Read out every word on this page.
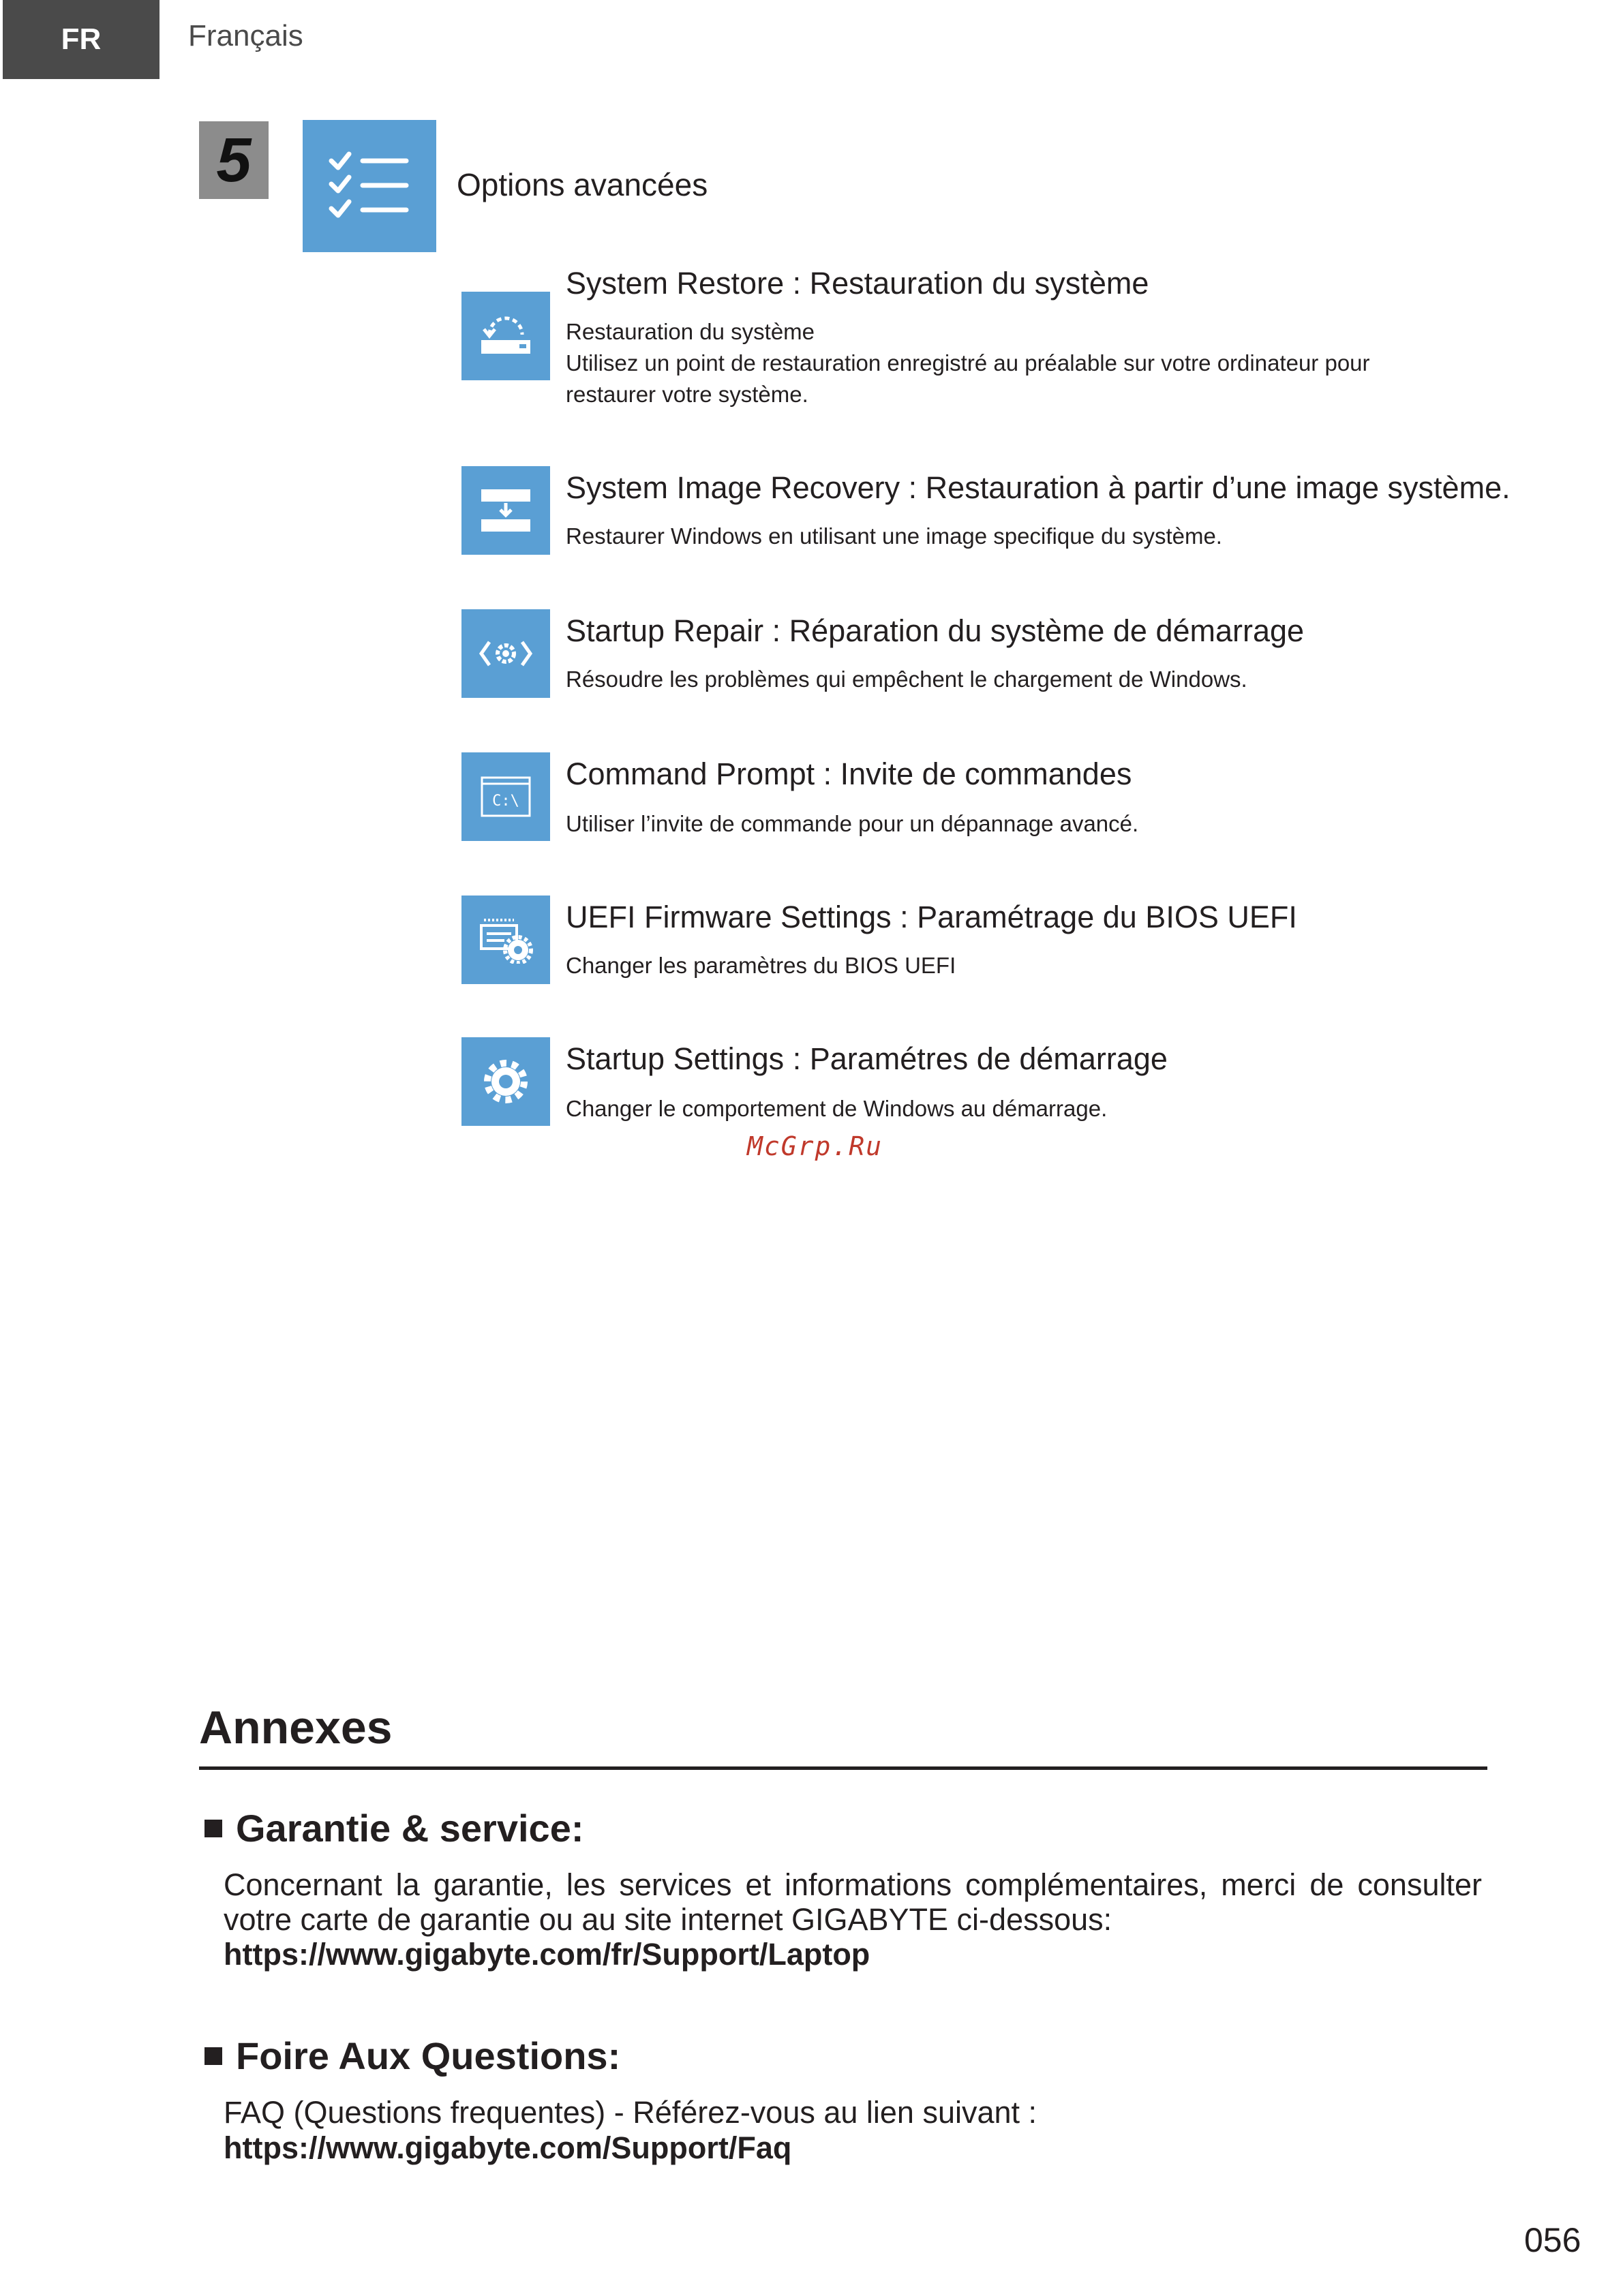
FR	Français
5	Options avancées
System Restore : Restauration du système
Restauration du système
Utilisez un point de restauration enregistré au préalable sur votre ordinateur pour
restaurer votre système.
System Image Recovery : Restauration à partir d’une image système.
Restaurer Windows en utilisant une image specifique du système.
Startup Repair : Réparation du système de démarrage
Résoudre les problèmes qui empêchent le chargement de Windows.
C:\
Command Prompt : Invite de commandes
Utiliser l’invite de commande pour un dépannage avancé.
UEFI Firmware Settings : Paramétrage du BIOS UEFI
Changer les paramètres du BIOS UEFI
Startup Settings : Paramétres de démarrage
Changer le comportement de Windows au démarrage.
McGrp.Ru
Annexes
Garantie & service:
Concernant la garantie, les services et informations complémentaires, merci de consulter votre carte de garantie ou au site internet GIGABYTE ci-dessous:
https://www.gigabyte.com/fr/Support/Laptop
Foire Aux Questions:
FAQ (Questions frequentes) - Référez-vous au lien suivant :
https://www.gigabyte.com/Support/Faq
056
